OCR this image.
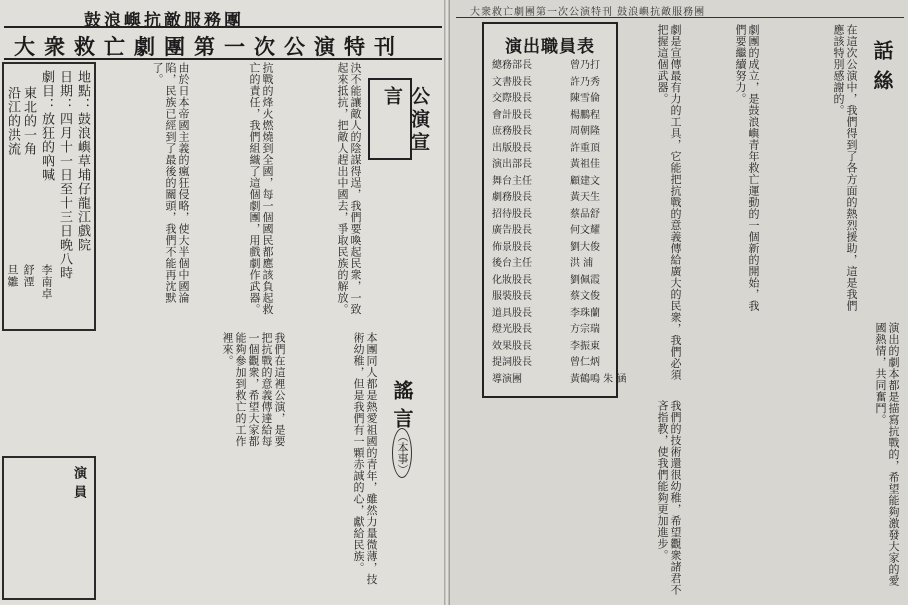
鼓浪嶼抗敵服務團
大衆救亡劇團第一次公演特刊
地點：鼓浪嶼草埔仔龍江戲院
日期：四月十一日至十三日晚八時
劇目：放狂的吶喊
李南卓
東北的一角
舒湮
沿江的洪流
旦雛	由於日本帝國主義的瘋狂侵略，使大半個中國淪陷，民族已經到了最後的關頭，我們不能再沈默了。	抗戰的烽火燃燒到全國，每一個國民都應該負起救亡的責任，我們組織了這個劇團，用戲劇作武器。	決不能讓敵人的陰謀得逞，我們要喚起民衆，一致起來抵抗，把敵人趕出中國去，爭取民族的解放。	公演宣言
我們在這裡公演，是要把抗戰的意義傳達給每一個觀衆，希望大家都能夠參加到救亡的工作裡來。	本團同人都是熱愛祖國的青年，雖然力量微薄，技術幼稚，但是我們有一顆赤誠的心，獻給民族。	謠言
（本事）
演員
大衆救亡劇團第一次公演特刊 鼓浪嶼抗敵服務團
演出職員表
總務部長	曾乃打
文書股長	許乃秀
交際股長	陳雪倫
會計股長	楊鵬程
庶務股長	周朝隆
出版股長	許重頂
演出部長	黃祖佳
舞台主任	顧建文
劇務股長	黃天生
招待股長	蔡品舒
廣告股長	何文耀
佈景股長	劉大俊
後台主任	洪 浦
化妝股長	劉佩霞
服裝股長	蔡文俊
道具股長	李珠蘭
燈光股長	方宗瑞
效果股長	李振東
提詞股長	曾仁炳
導演團	黃鶴鳴 朱 涵	劇是宣傳最有力的工具，它能把抗戰的意義傳給廣大的民衆，我們必須把握這個武器。	劇團的成立，是鼓浪嶼青年救亡運動的一個新的開始，我們要繼續努力。	在這次公演中，我們得到了各方面的熱烈援助，這是我們應該特別感謝的。	話絲
我們的技術還很幼稚，希望觀衆諸君不吝指教，使我們能夠更加進步。	演出的劇本都是描寫抗戰的，希望能夠激發大家的愛國熱情，共同奮鬥。
